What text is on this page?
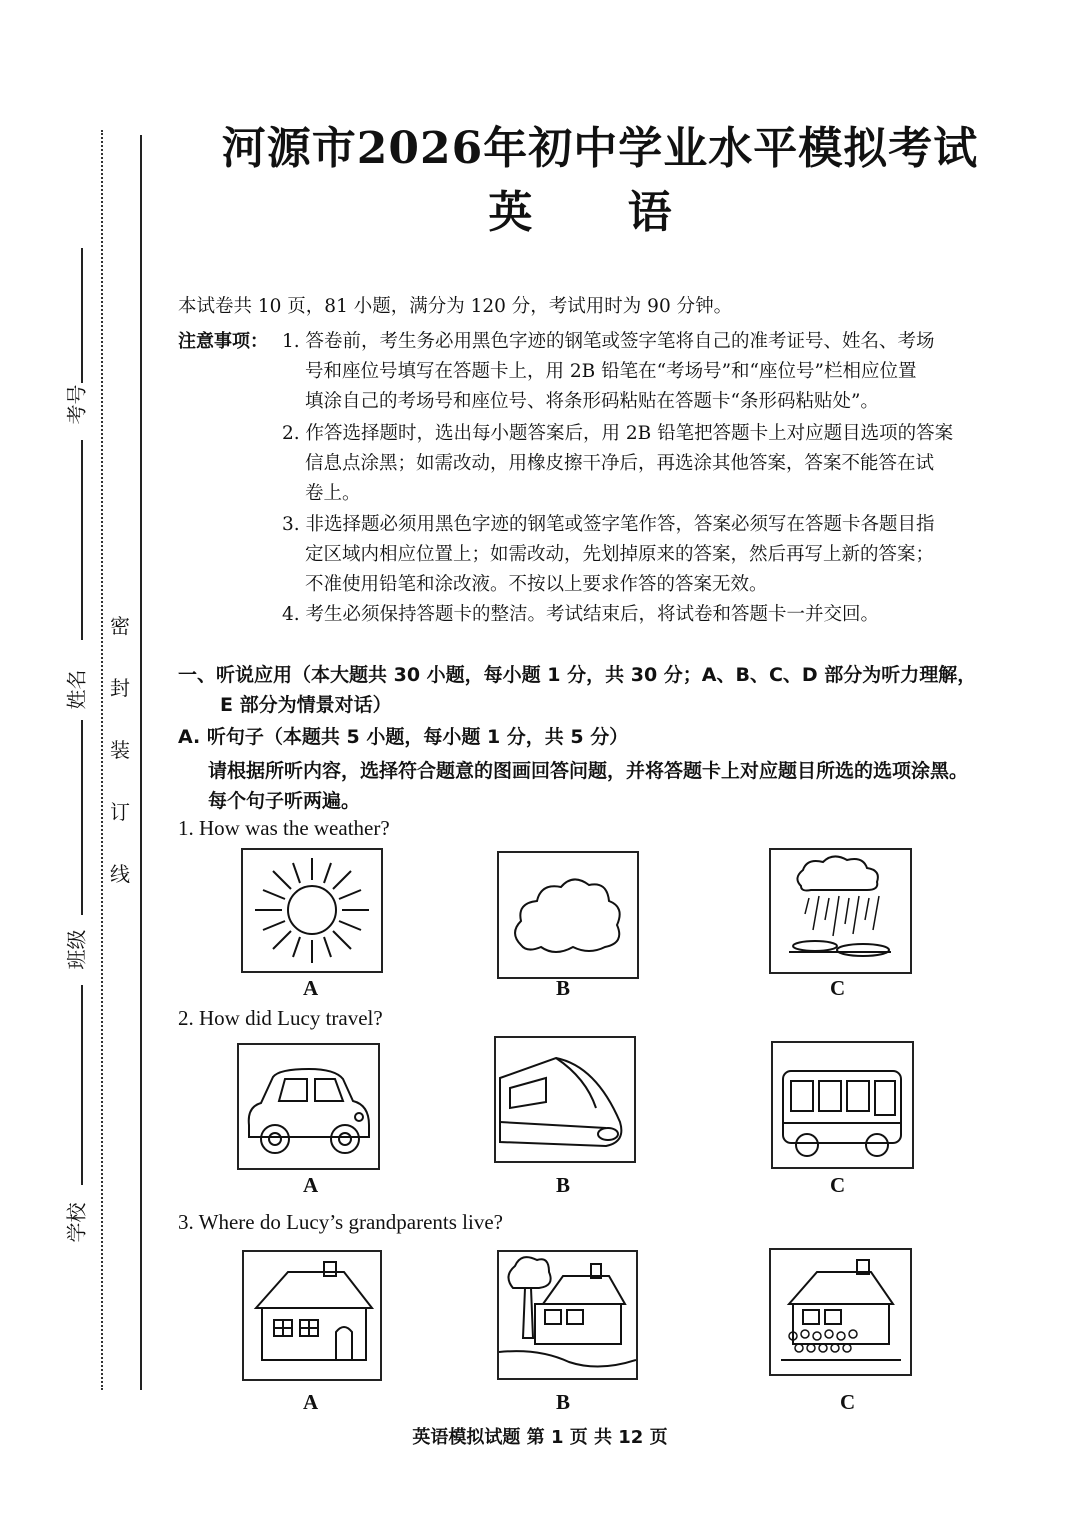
考号
姓名
班级
学校
密
封
装
订
线
河源市2026年初中学业水平模拟考试
英 语
本试卷共 10 页，81 小题，满分为 120 分，考试用时为 90 分钟。
注意事项： 1. 答卷前，考生务必用黑色字迹的钢笔或签字笔将自己的准考证号、姓名、考场
号和座位号填写在答题卡上，用 2B 铅笔在“考场号”和“座位号”栏相应位置
填涂自己的考场号和座位号、将条形码粘贴在答题卡“条形码粘贴处”。
2. 作答选择题时，选出每小题答案后，用 2B 铅笔把答题卡上对应题目选项的答案
信息点涂黑；如需改动，用橡皮擦干净后，再选涂其他答案，答案不能答在试
卷上。
3. 非选择题必须用黑色字迹的钢笔或签字笔作答，答案必须写在答题卡各题目指
定区域内相应位置上；如需改动，先划掉原来的答案，然后再写上新的答案；
不准使用铅笔和涂改液。不按以上要求作答的答案无效。
4. 考生必须保持答题卡的整洁。考试结束后，将试卷和答题卡一并交回。
一、听说应用（本大题共 30 小题，每小题 1 分，共 30 分；A、B、C、D 部分为听力理解，
E 部分为情景对话）
A. 听句子（本题共 5 小题，每小题 1 分，共 5 分）
请根据所听内容，选择符合题意的图画回答问题，并将答题卡上对应题目所选的选项涂黑。
每个句子听两遍。
1. How was the weather?
A	B	C
2. How did Lucy travel?
A	B	C
3. Where do Lucy’s grandparents live?
A	B	C
英语模拟试题 第 1 页 共 12 页
